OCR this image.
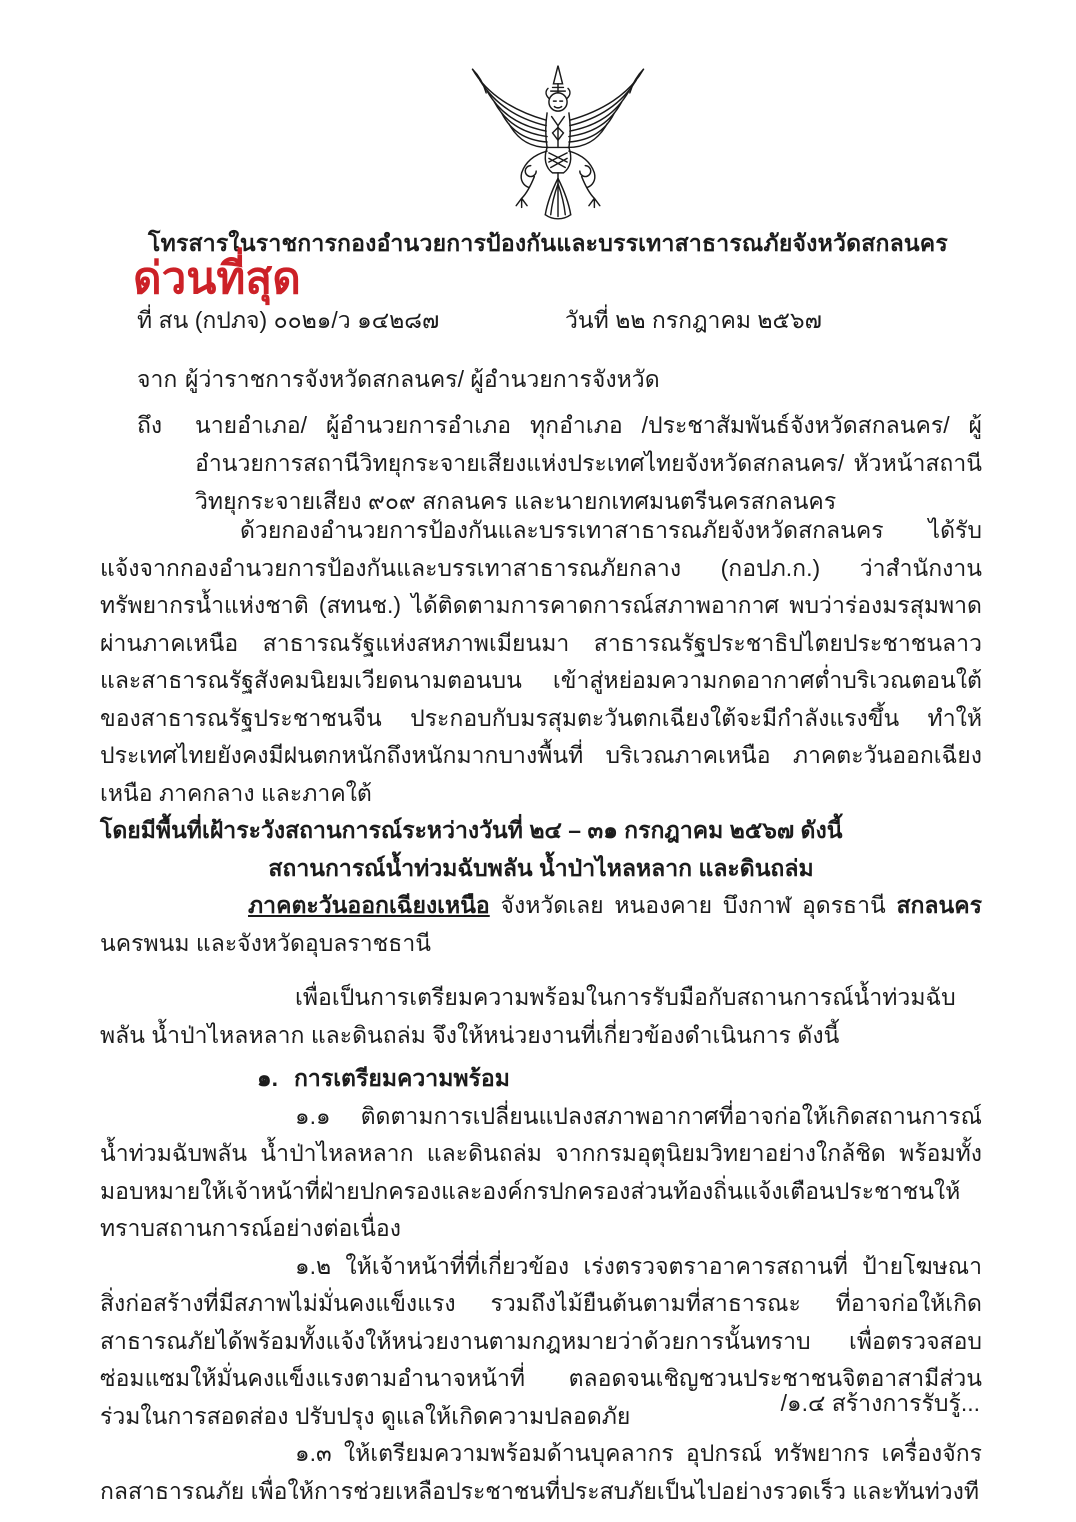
โทรสารในราชการกองอำนวยการป้องกันและบรรเทาสาธารณภัยจังหวัดสกลนคร
ด่วนที่สุด
ที่ สน (กปภจ) ๐๐๒๑/ว ๑๔๒๘๗	วันที่ ๒๒ กรกฎาคม ๒๕๖๗
จาก ผู้ว่าราชการจังหวัดสกลนคร/ ผู้อำนวยการจังหวัด
ถึง นายอำเภอ/ ผู้อำนวยการอำเภอ ทุกอำเภอ /ประชาสัมพันธ์จังหวัดสกลนคร/ ผู้อำนวยการสถานีวิทยุกระจายเสียงแห่งประเทศไทยจังหวัดสกลนคร/ หัวหน้าสถานีวิทยุกระจายเสียง ๙๐๙ สกลนคร และนายกเทศมนตรีนครสกลนคร

ด้วยกองอำนวยการป้องกันและบรรเทาสาธารณภัยจังหวัดสกลนคร ได้รับแจ้งจากกองอำนวยการป้องกันและบรรเทาสาธารณภัยกลาง (กอปภ.ก.) ว่าสำนักงานทรัพยากรน้ำแห่งชาติ (สทนช.) ได้ติดตามการคาดการณ์สภาพอากาศ พบว่าร่องมรสุมพาดผ่านภาคเหนือ สาธารณรัฐแห่งสหภาพเมียนมา สาธารณรัฐประชาธิปไตยประชาชนลาว และสาธารณรัฐสังคมนิยมเวียดนามตอนบน เข้าสู่หย่อมความกดอากาศต่ำบริเวณตอนใต้ของสาธารณรัฐประชาชนจีน ประกอบกับมรสุมตะวันตกเฉียงใต้จะมีกำลังแรงขึ้น ทำให้ประเทศไทยยังคงมีฝนตกหนักถึงหนักมากบางพื้นที่ บริเวณภาคเหนือ ภาคตะวันออกเฉียงเหนือ ภาคกลาง และภาคใต้

โดยมีพื้นที่เฝ้าระวังสถานการณ์ระหว่างวันที่ ๒๔ – ๓๑ กรกฎาคม ๒๕๖๗ ดังนี้

สถานการณ์น้ำท่วมฉับพลัน น้ำป่าไหลหลาก และดินถล่ม

ภาคตะวันออกเฉียงเหนือ จังหวัดเลย หนองคาย บึงกาฬ อุดรธานี สกลนคร นครพนม และจังหวัดอุบลราชธานี

เพื่อเป็นการเตรียมความพร้อมในการรับมือกับสถานการณ์น้ำท่วมฉับพลัน น้ำป่าไหลหลาก และดินถล่ม จึงให้หน่วยงานที่เกี่ยวข้องดำเนินการ ดังนี้

๑. การเตรียมความพร้อม

๑.๑ ติดตามการเปลี่ยนแปลงสภาพอากาศที่อาจก่อให้เกิดสถานการณ์น้ำท่วมฉับพลัน น้ำป่าไหลหลาก และดินถล่ม จากกรมอุตุนิยมวิทยาอย่างใกล้ชิด พร้อมทั้งมอบหมายให้เจ้าหน้าที่ฝ่ายปกครองและองค์กรปกครองส่วนท้องถิ่นแจ้งเตือนประชาชนให้ทราบสถานการณ์อย่างต่อเนื่อง

๑.๒ ให้เจ้าหน้าที่ที่เกี่ยวข้อง เร่งตรวจตราอาคารสถานที่ ป้ายโฆษณา สิ่งก่อสร้างที่มีสภาพไม่มั่นคงแข็งแรง รวมถึงไม้ยืนต้นตามที่สาธารณะ ที่อาจก่อให้เกิดสาธารณภัยได้พร้อมทั้งแจ้งให้หน่วยงานตามกฎหมายว่าด้วยการนั้นทราบ เพื่อตรวจสอบซ่อมแซมให้มั่นคงแข็งแรงตามอำนาจหน้าที่ ตลอดจนเชิญชวนประชาชนจิตอาสามีส่วนร่วมในการสอดส่อง ปรับปรุง ดูแลให้เกิดความปลอดภัย

๑.๓ ให้เตรียมความพร้อมด้านบุคลากร อุปกรณ์ ทรัพยากร เครื่องจักรกลสาธารณภัย เพื่อให้การช่วยเหลือประชาชนที่ประสบภัยเป็นไปอย่างรวดเร็ว และทันท่วงที

/๑.๔ สร้างการรับรู้...
